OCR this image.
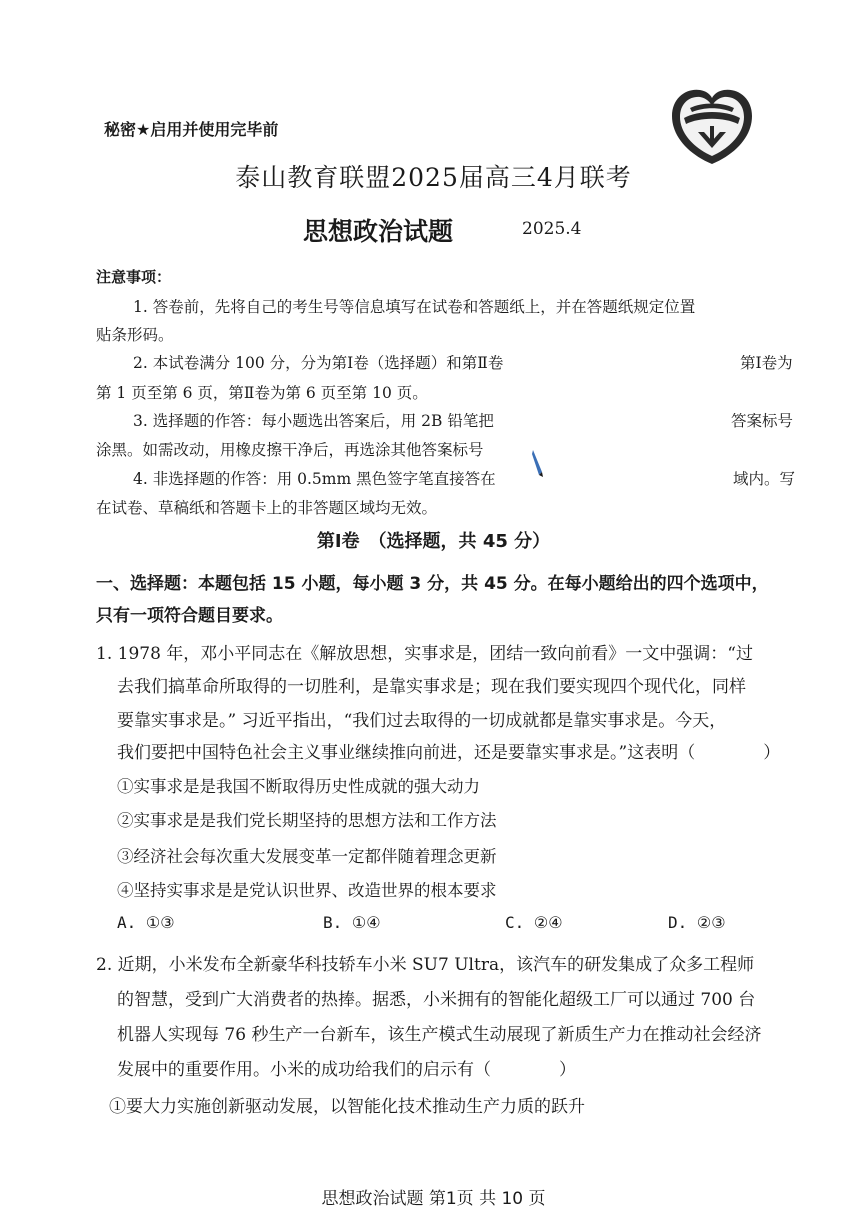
秘密★启用并使用完毕前
泰山教育联盟2025届高三4月联考
思想政治试题	2025.4
注意事项：
1. 答卷前，先将自己的考生号等信息填写在试卷和答题纸上，并在答题纸规定位置
贴条形码。
2. 本试卷满分 100 分，分为第Ⅰ卷（选择题）和第Ⅱ卷	第Ⅰ卷为
第 1 页至第 6 页，第Ⅱ卷为第 6 页至第 10 页。
3. 选择题的作答：每小题选出答案后，用 2B 铅笔把	答案标号
涂黑。如需改动，用橡皮擦干净后，再选涂其他答案标号
4. 非选择题的作答：用 0.5mm 黑色签字笔直接答在	域内。写
在试卷、草稿纸和答题卡上的非答题区域均无效。
第Ⅰ卷　（选择题，共 45 分）
一、选择题：本题包括 15 小题，每小题 3 分，共 45 分。在每小题给出的四个选项中，
只有一项符合题目要求。
1. 1978 年，邓小平同志在《解放思想，实事求是，团结一致向前看》一文中强调：“过
去我们搞革命所取得的一切胜利，是靠实事求是；现在我们要实现四个现代化，同样
要靠实事求是。” 习近平指出，“我们过去取得的一切成就都是靠实事求是。今天，
我们要把中国特色社会主义事业继续推向前进，还是要靠实事求是。”这表明（　　　　）
①实事求是是我国不断取得历史性成就的强大动力
②实事求是是我们党长期坚持的思想方法和工作方法
③经济社会每次重大发展变革一定都伴随着理念更新
④坚持实事求是是党认识世界、改造世界的根本要求
A. ①③	B. ①④	C. ②④	D. ②③
2. 近期，小米发布全新豪华科技轿车小米 SU7 Ultra，该汽车的研发集成了众多工程师
的智慧，受到广大消费者的热捧。据悉，小米拥有的智能化超级工厂可以通过 700 台
机器人实现每 76 秒生产一台新车，该生产模式生动展现了新质生产力在推动社会经济
发展中的重要作用。小米的成功给我们的启示有（　　　　）
①要大力实施创新驱动发展，以智能化技术推动生产力质的跃升
思想政治试题 第1页 共 10 页
